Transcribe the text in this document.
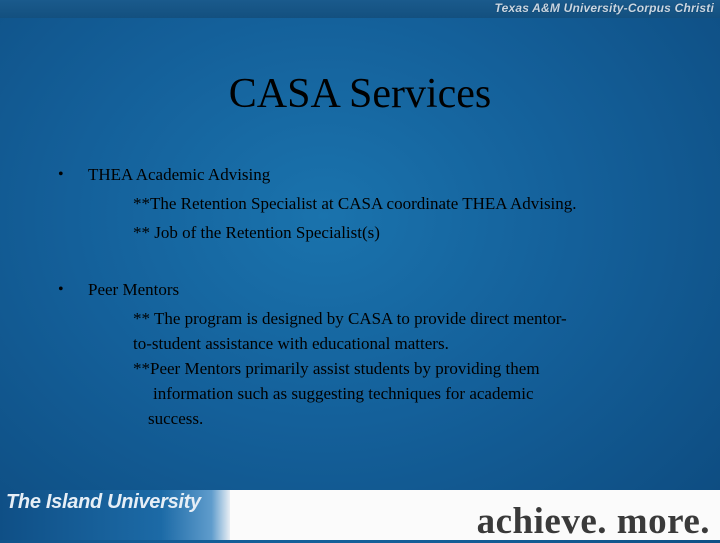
Texas A&M University-Corpus Christi
CASA Services
• THEA Academic Advising
**The Retention Specialist at CASA coordinate THEA Advising.
** Job of the Retention Specialist(s)
• Peer Mentors
** The program is designed by CASA to provide direct mentor-
to-student assistance with educational matters.
**Peer Mentors primarily assist students by providing them
information such as suggesting techniques for academic
success.
The Island University	achieve. more.
